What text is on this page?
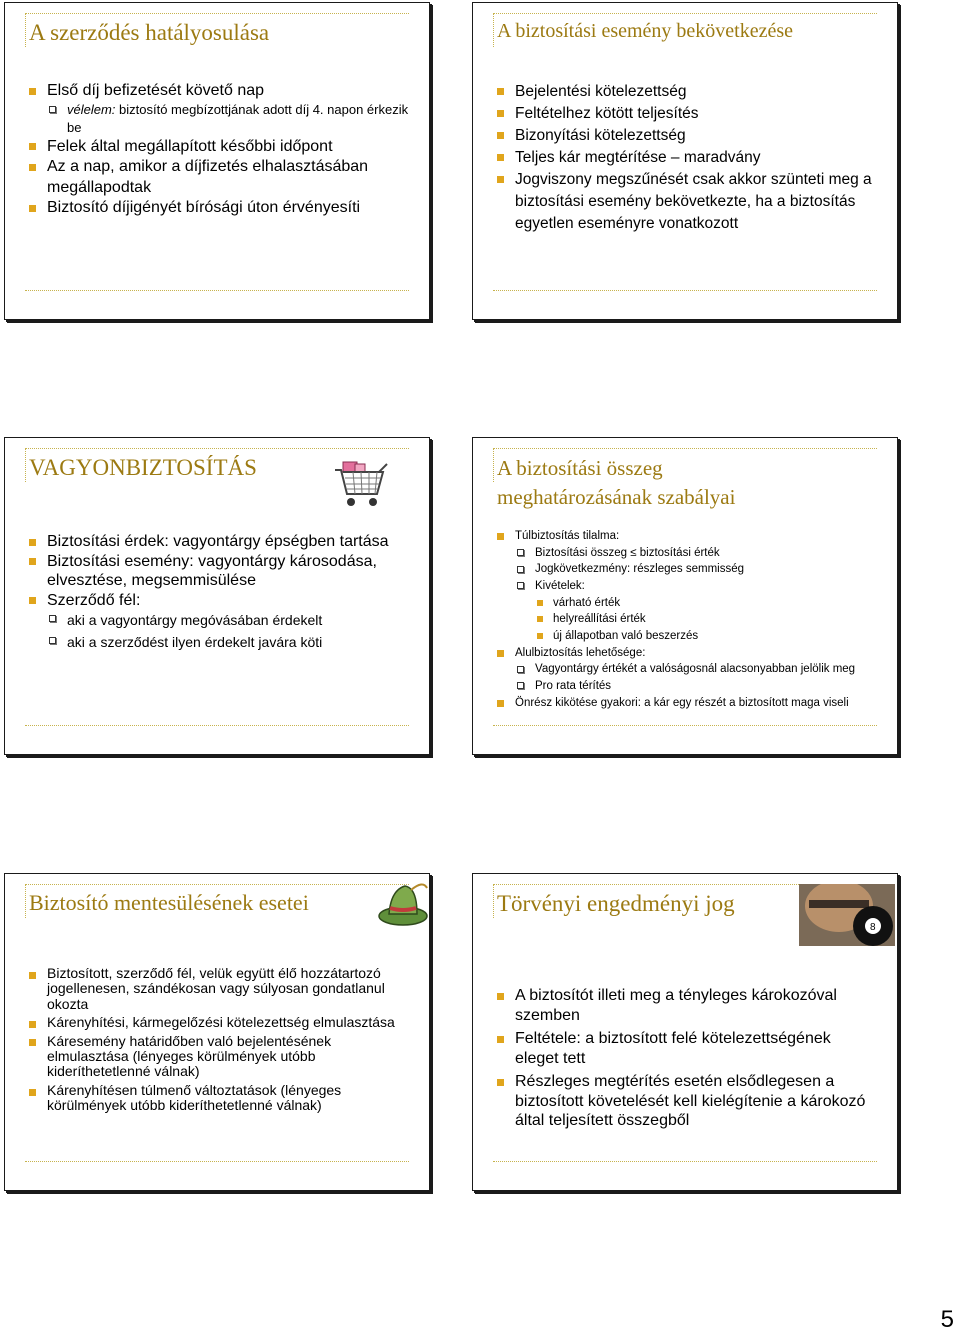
A szerződés hatályosulása
Első díj befizetését követő nap
vélelem: biztosító megbízottjának adott díj 4. napon érkezik be
Felek által megállapított későbbi időpont
Az a nap, amikor a díjfizetés elhalasztásában megállapodtak
Biztosító díjigényét bírósági úton érvényesíti
A biztosítási esemény bekövetkezése
Bejelentési kötelezettség
Feltételhez kötött teljesítés
Bizonyítási kötelezettség
Teljes kár megtérítése – maradvány
Jogviszony megszűnését csak akkor szünteti meg a biztosítási esemény bekövetkezte, ha a biztosítás egyetlen eseményre vonatkozott
VAGYONBIZTOSÍTÁS
Biztosítási érdek: vagyontárgy épségben tartása
Biztosítási esemény: vagyontárgy károsodása, elvesztése, megsemmisülése
Szerződő fél:
aki a vagyontárgy megóvásában érdekelt
aki a szerződést ilyen érdekelt javára köti
A biztosítási összeg
meghatározásának szabályai
Túlbiztosítás tilalma:
Biztosítási összeg ≤ biztosítási érték
Jogkövetkezmény: részleges semmisség
Kivételek:
várható érték
helyreállítási érték
új állapotban való beszerzés
Alulbiztosítás lehetősége:
Vagyontárgy értékét a valóságosnál alacsonyabban jelölik meg
Pro rata térítés
Önrész kikötése gyakori: a kár egy részét a biztosított maga viseli
Biztosító mentesülésének esetei
Biztosított, szerződő fél, velük együtt élő hozzátartozó jogellenesen, szándékosan vagy súlyosan gondatlanul okozta
Kárenyhítési, kármegelőzési kötelezettség elmulasztása
Káresemény határidőben való bejelentésének elmulasztása (lényeges körülmények utóbb kideríthetetlenné válnak)
Kárenyhítésen túlmenő változtatások (lényeges körülmények utóbb kideríthetetlenné válnak)
Törvényi engedményi jog
8
A biztosítót illeti meg a tényleges károkozóval szemben
Feltétele: a biztosított felé kötelezettségének eleget tett
Részleges megtérítés esetén elsődlegesen a biztosított követelését kell kielégítenie a károkozó által teljesített összegből
5
